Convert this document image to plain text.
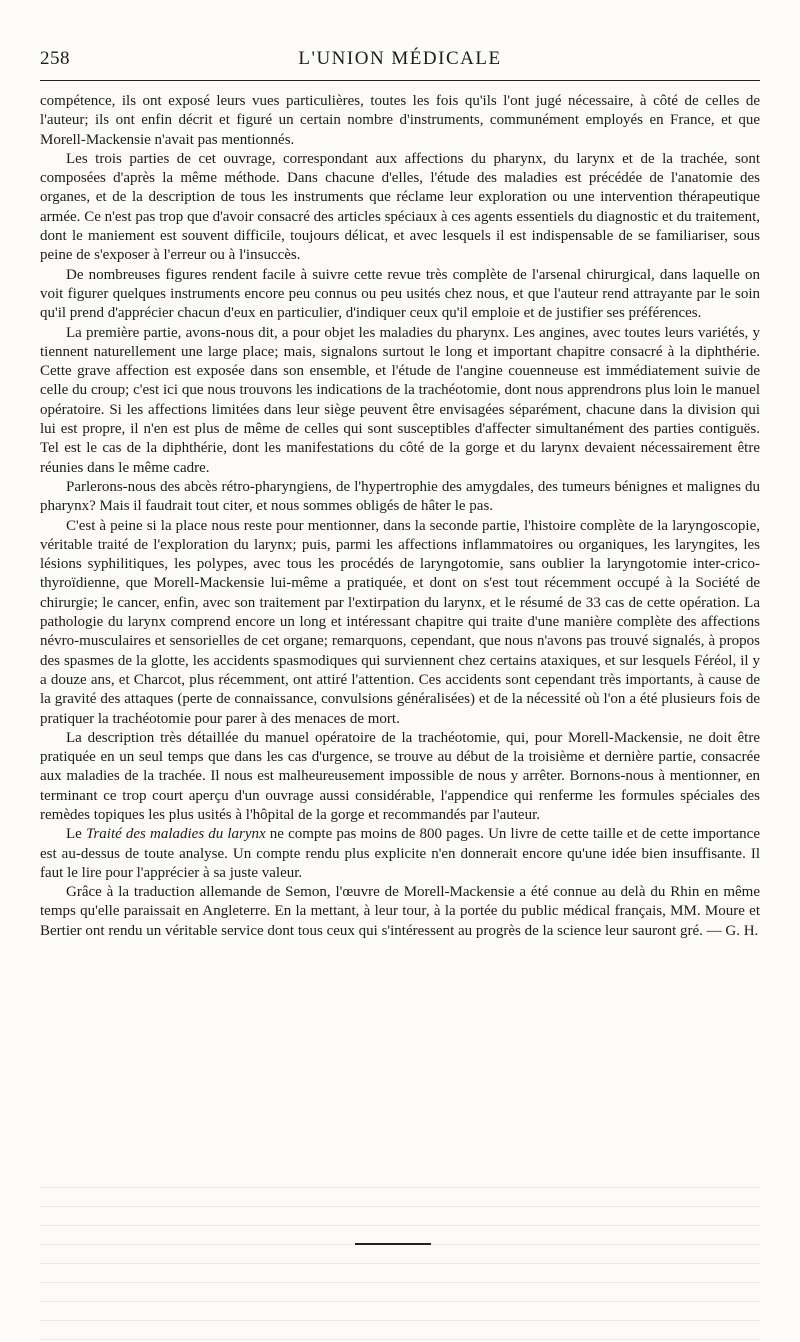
258	L'UNION MÉDICALE

compétence, ils ont exposé leurs vues particulières, toutes les fois qu'ils l'ont jugé nécessaire, à côté de celles de l'auteur; ils ont enfin décrit et figuré un certain nombre d'instruments, communément employés en France, et que Morell-Mackensie n'avait pas mentionnés.

Les trois parties de cet ouvrage, correspondant aux affections du pharynx, du larynx et de la trachée, sont composées d'après la même méthode. Dans chacune d'elles, l'étude des maladies est précédée de l'anatomie des organes, et de la description de tous les instruments que réclame leur exploration ou une intervention thérapeutique armée. Ce n'est pas trop que d'avoir consacré des articles spéciaux à ces agents essentiels du diagnostic et du traitement, dont le maniement est souvent difficile, toujours délicat, et avec lesquels il est indispensable de se familiariser, sous peine de s'exposer à l'erreur ou à l'insuccès.

De nombreuses figures rendent facile à suivre cette revue très complète de l'arsenal chirurgical, dans laquelle on voit figurer quelques instruments encore peu connus ou peu usités chez nous, et que l'auteur rend attrayante par le soin qu'il prend d'apprécier chacun d'eux en particulier, d'indiquer ceux qu'il emploie et de justifier ses préférences.

La première partie, avons-nous dit, a pour objet les maladies du pharynx. Les angines, avec toutes leurs variétés, y tiennent naturellement une large place; mais, signalons surtout le long et important chapitre consacré à la diphthérie. Cette grave affection est exposée dans son ensemble, et l'étude de l'angine couenneuse est immédiatement suivie de celle du croup; c'est ici que nous trouvons les indications de la trachéotomie, dont nous apprendrons plus loin le manuel opératoire. Si les affections limitées dans leur siège peuvent être envisagées séparément, chacune dans la division qui lui est propre, il n'en est plus de même de celles qui sont susceptibles d'affecter simultanément des parties contiguës. Tel est le cas de la diphthérie, dont les manifestations du côté de la gorge et du larynx devaient nécessairement être réunies dans le même cadre.

Parlerons-nous des abcès rétro-pharyngiens, de l'hypertrophie des amygdales, des tumeurs bénignes et malignes du pharynx? Mais il faudrait tout citer, et nous sommes obligés de hâter le pas.

C'est à peine si la place nous reste pour mentionner, dans la seconde partie, l'histoire complète de la laryngoscopie, véritable traité de l'exploration du larynx; puis, parmi les affections inflammatoires ou organiques, les laryngites, les lésions syphilitiques, les polypes, avec tous les procédés de laryngotomie, sans oublier la laryngotomie inter-crico-thyroïdienne, que Morell-Mackensie lui-même a pratiquée, et dont on s'est tout récemment occupé à la Société de chirurgie; le cancer, enfin, avec son traitement par l'extirpation du larynx, et le résumé de 33 cas de cette opération. La pathologie du larynx comprend encore un long et intéressant chapitre qui traite d'une manière complète des affections névro-musculaires et sensorielles de cet organe; remarquons, cependant, que nous n'avons pas trouvé signalés, à propos des spasmes de la glotte, les accidents spasmodiques qui surviennent chez certains ataxiques, et sur lesquels Féréol, il y a douze ans, et Charcot, plus récemment, ont attiré l'attention. Ces accidents sont cependant très importants, à cause de la gravité des attaques (perte de connaissance, convulsions généralisées) et de la nécessité où l'on a été plusieurs fois de pratiquer la trachéotomie pour parer à des menaces de mort.

La description très détaillée du manuel opératoire de la trachéotomie, qui, pour Morell-Mackensie, ne doit être pratiquée en un seul temps que dans les cas d'urgence, se trouve au début de la troisième et dernière partie, consacrée aux maladies de la trachée. Il nous est malheureusement impossible de nous y arrêter. Bornons-nous à mentionner, en terminant ce trop court aperçu d'un ouvrage aussi considérable, l'appendice qui renferme les formules spéciales des remèdes topiques les plus usités à l'hôpital de la gorge et recommandés par l'auteur.

Le Traité des maladies du larynx ne compte pas moins de 800 pages. Un livre de cette taille et de cette importance est au-dessus de toute analyse. Un compte rendu plus explicite n'en donnerait encore qu'une idée bien insuffisante. Il faut le lire pour l'apprécier à sa juste valeur.

Grâce à la traduction allemande de Semon, l'œuvre de Morell-Mackensie a été connue au delà du Rhin en même temps qu'elle paraissait en Angleterre. En la mettant, à leur tour, à la portée du public médical français, MM. Moure et Bertier ont rendu un véritable service dont tous ceux qui s'intéressent au progrès de la science leur sauront gré. — G. H.
